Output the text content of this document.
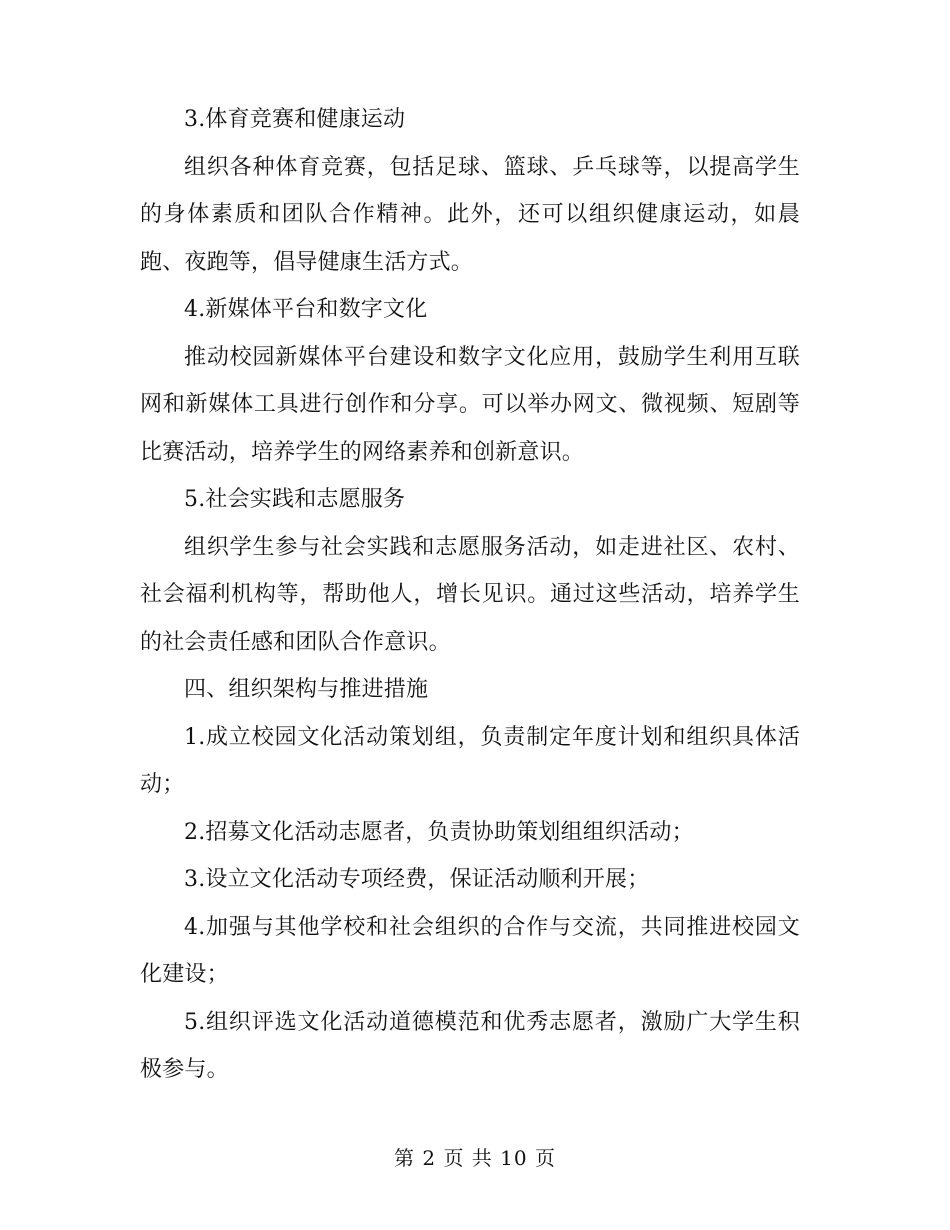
3.体育竞赛和健康运动

组织各种体育竞赛，包括足球、篮球、乒乓球等，以提高学生的身体素质和团队合作精神。此外，还可以组织健康运动，如晨跑、夜跑等，倡导健康生活方式。

4.新媒体平台和数字文化

推动校园新媒体平台建设和数字文化应用，鼓励学生利用互联网和新媒体工具进行创作和分享。可以举办网文、微视频、短剧等比赛活动，培养学生的网络素养和创新意识。

5.社会实践和志愿服务

组织学生参与社会实践和志愿服务活动，如走进社区、农村、社会福利机构等，帮助他人，增长见识。通过这些活动，培养学生的社会责任感和团队合作意识。

四、组织架构与推进措施

1.成立校园文化活动策划组，负责制定年度计划和组织具体活动；

2.招募文化活动志愿者，负责协助策划组组织活动；

3.设立文化活动专项经费，保证活动顺利开展；

4.加强与其他学校和社会组织的合作与交流，共同推进校园文化建设；

5.组织评选文化活动道德模范和优秀志愿者，激励广大学生积极参与。

第 2 页 共 10 页
